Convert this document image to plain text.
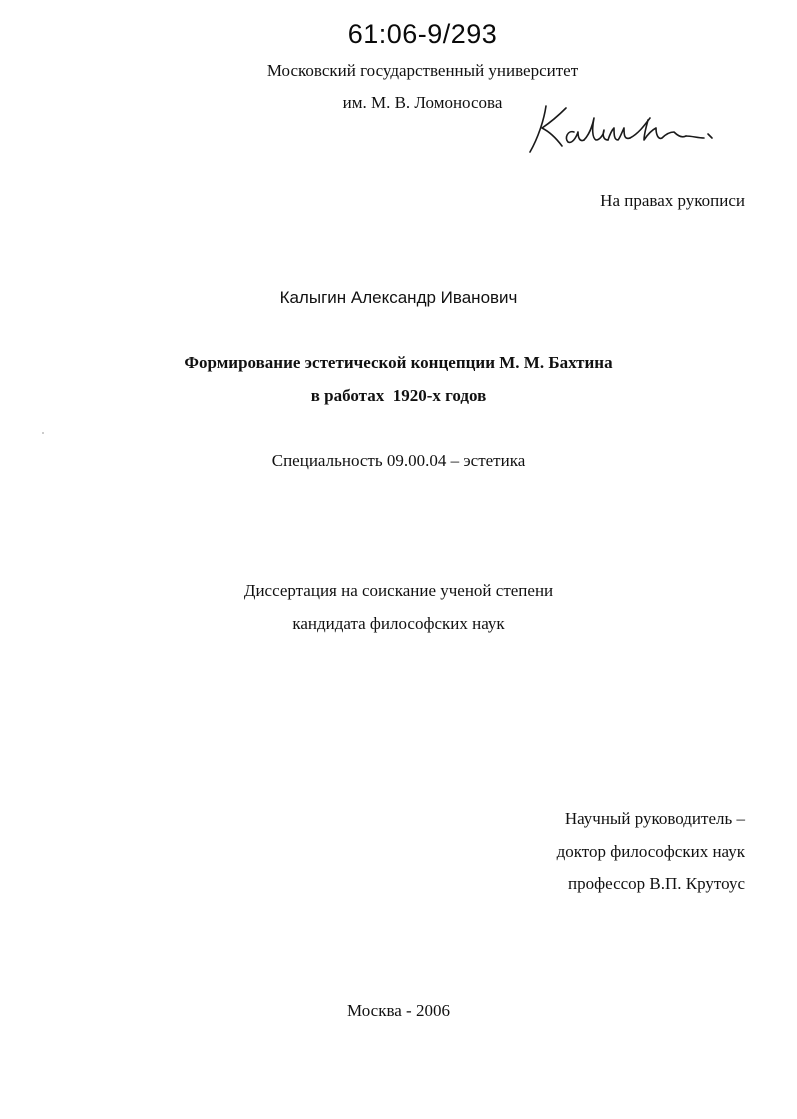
61:06-9/293
Московский государственный университет
им. М. В. Ломоносова
На правах рукописи
Калыгин Александр Иванович
Формирование эстетической концепции М. М. Бахтина
в работах  1920-х годов
Специальность 09.00.04 – эстетика
Диссертация на соискание ученой степени
кандидата философских наук
Научный руководитель –
доктор философских наук
профессор В.П. Крутоус
Москва - 2006
